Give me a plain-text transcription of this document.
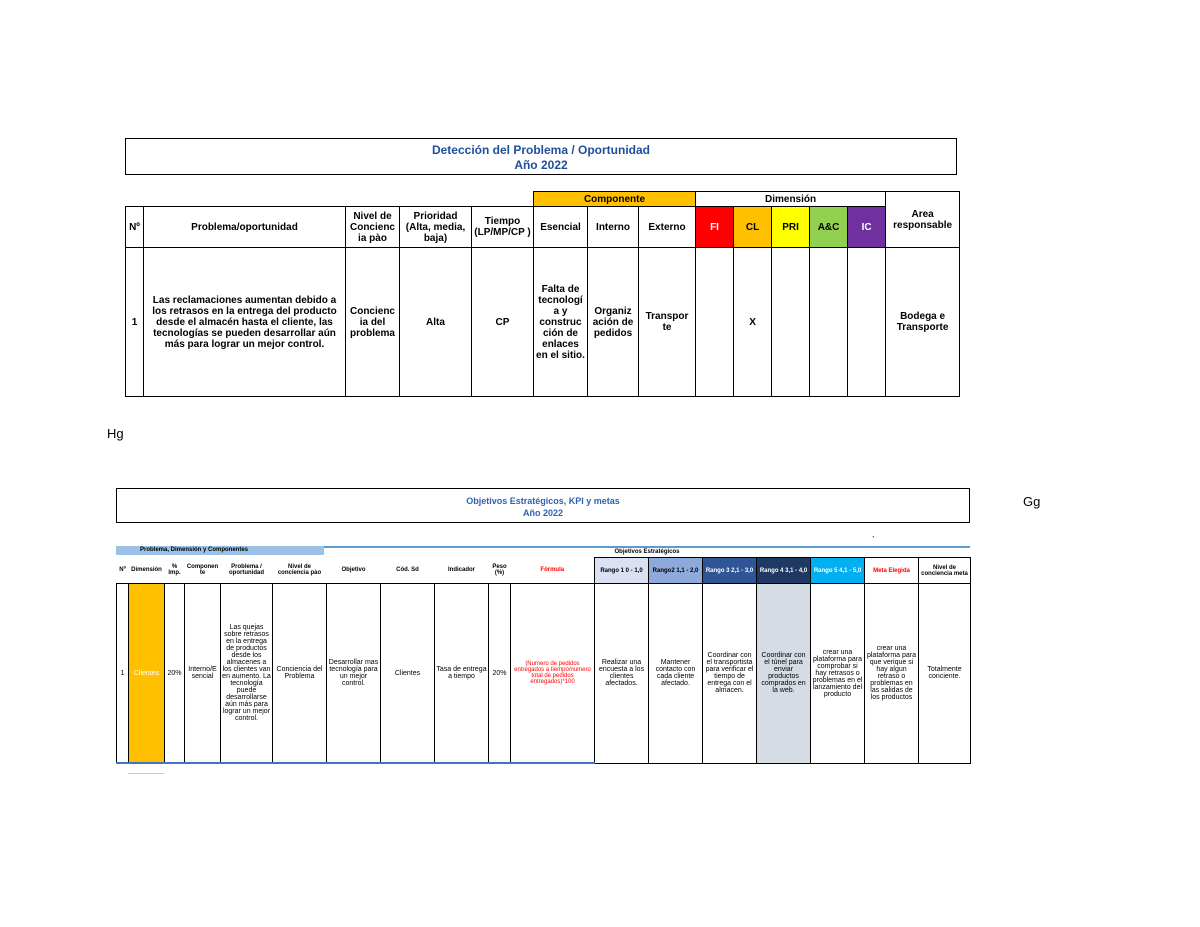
Detección del Problema / Oportunidad
Año 2022
					Componente			Dimensión					Area responsable
Nº	Problema/oportunidad	Nivel de Concienc ia pào	Prioridad (Alta, media, baja)	Tiempo (LP/MP/CP )	Esencial	Interno	Externo	FI	CL	PRI	A&C	IC	
1	Las reclamaciones aumentan debido a los retrasos en la entrega del producto desde el almacén hasta el cliente, las tecnologías se pueden desarrollar aún más para lograr un mejor control.	Concienc ia del problema	Alta	CP	Falta de tecnologí a y construc ción de enlaces en el sitio.	Organiz ación de pedidos	Transpor te		X				Bodega e Transporte
Hg
Gg
`
Objetivos Estratégicos, KPI y metas
Año 2022
Problema, Dimensión y Componentes	Objetivos Estratégicos
Nº	Dimensión	% Imp.	Componen te	Problema / oportunidad	Nivel de conciencia pào	Objetivo	Cód. Sd	Indicador	Peso (%)	Fórmula	Rango 1 0 - 1,0	Rango2 1,1 - 2,0	Rango 3 2,1 - 3,0	Rango 4 3,1 - 4,0	Rango 5 4,1 - 5,0	Meta Elegida	Nivel de conciencia meta
1	Clientes	20%	Interno/E sencial	Las quejas sobre retrasos en la entrega de productos desde los almacenes a los clientes van en aumento. La tecnología puede desarrollarse aún más para lograr un mejor control.	Conciencia del Problema	Desarrollar mas tecnología para un mejor control.	Clientes	Tasa de entrega a tiempo	20%	(Numero de pedidos entregados a tiempo/numero total de pedidos entregados)*100	Realizar una encuesta a los clientes afectados.	Mantener contacto con cada cliente afectado.	Coordinar con el transportista para verificar el tiempo de entrega con el almacen.	Coordinar con el túnel para enviar productos comprados en la web.	crear una plataforma para comprobar si hay retrasos o problemas en el lanzamiento del producto	crear una plataforma para que verique si hay algun retraso o problemas en las salidas de los productos	Totalmente conciente.
